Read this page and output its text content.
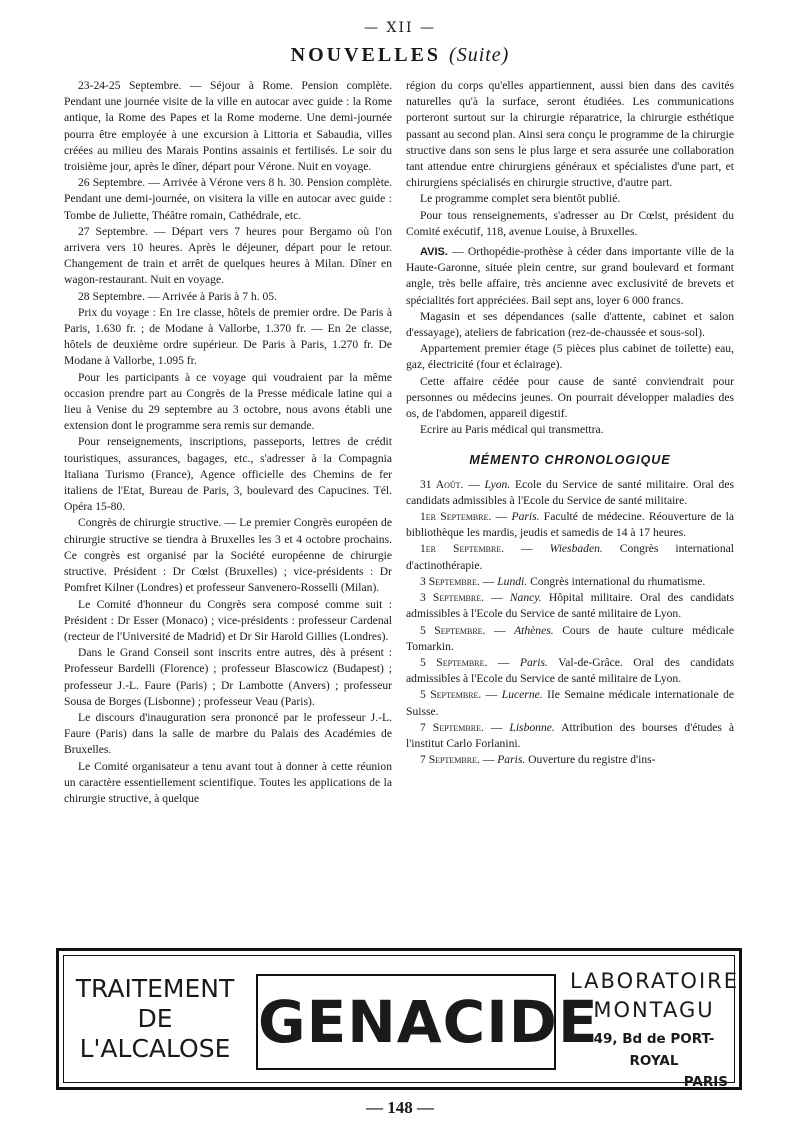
— XII —
NOUVELLES (Suite)

23-24-25 Septembre. — Séjour à Rome. Pension complète. Pendant une journée visite de la ville en autocar avec guide : la Rome antique, la Rome des Papes et la Rome moderne. Une demi-journée pourra être employée à une excursion à Littoria et Sabaudia, villes créées au milieu des Marais Pontins assainis et fertilisés. Le soir du troisième jour, après le dîner, départ pour Vérone. Nuit en voyage.

26 Septembre. — Arrivée à Vérone vers 8 h. 30. Pension complète. Pendant une demi-journée, on visitera la ville en autocar avec guide : Tombe de Juliette, Théâtre romain, Cathédrale, etc.

27 Septembre. — Départ vers 7 heures pour Bergamo où l'on arrivera vers 10 heures. Après le déjeuner, départ pour le retour. Changement de train et arrêt de quelques heures à Milan. Dîner en wagon-restaurant. Nuit en voyage.

28 Septembre. — Arrivée à Paris à 7 h. 05.

Prix du voyage : En 1re classe, hôtels de premier ordre. De Paris à Paris, 1.630 fr. ; de Modane à Vallorbe, 1.370 fr. — En 2e classe, hôtels de deuxième ordre supérieur. De Paris à Paris, 1.270 fr. De Modane à Vallorbe, 1.095 fr.

Pour les participants à ce voyage qui voudraient par la même occasion prendre part au Congrès de la Presse médicale latine qui a lieu à Venise du 29 septembre au 3 octobre, nous avons établi une extension dont le programme sera remis sur demande.

Pour renseignements, inscriptions, passeports, lettres de crédit touristiques, assurances, bagages, etc., s'adresser à la Compagnia Italiana Turismo (France), Agence officielle des Chemins de fer italiens de l'Etat, Bureau de Paris, 3, boulevard des Capucines. Tél. Opéra 15-80.

Congrès de chirurgie structive. — Le premier Congrès européen de chirurgie structive se tiendra à Bruxelles les 3 et 4 octobre prochains. Ce congrès est organisé par la Société européenne de chirurgie structive. Président : Dr Cœlst (Bruxelles) ; vice-présidents : Dr Pomfret Kilner (Londres) et professeur Sanvenero-Rosselli (Milan).

Le Comité d'honneur du Congrès sera composé comme suit : Président : Dr Esser (Monaco) ; vice-présidents : professeur Cardenal (recteur de l'Université de Madrid) et Dr Sir Harold Gillies (Londres).

Dans le Grand Conseil sont inscrits entre autres, dès à présent : Professeur Bardelli (Florence) ; professeur Blascowicz (Budapest) ; professeur J.-L. Faure (Paris) ; Dr Lambotte (Anvers) ; professeur Sousa de Borges (Lisbonne) ; professeur Veau (Paris).

Le discours d'inauguration sera prononcé par le professeur J.-L. Faure (Paris) dans la salle de marbre du Palais des Académies de Bruxelles.

Le Comité organisateur a tenu avant tout à donner à cette réunion un caractère essentiellement scientifique. Toutes les applications de la chirurgie structive, à quelque

région du corps qu'elles appartiennent, aussi bien dans des cavités naturelles qu'à la surface, seront étudiées. Les communications porteront surtout sur la chirurgie réparatrice, la chirurgie esthétique passant au second plan. Ainsi sera conçu le programme de la chirurgie structive dans son sens le plus large et sera assurée une collaboration tant attendue entre chirurgiens généraux et spécialistes d'une part, et chirurgiens spécialisés en chirurgie structive, d'autre part.

Le programme complet sera bientôt publié.

Pour tous renseignements, s'adresser au Dr Cœlst, président du Comité exécutif, 118, avenue Louise, à Bruxelles.

AVIS. — Orthopédie-prothèse à céder dans importante ville de la Haute-Garonne, située plein centre, sur grand boulevard et formant angle, très belle affaire, très ancienne avec exclusivité de brevets et spécialités fort appréciées. Bail sept ans, loyer 6 000 francs.

Magasin et ses dépendances (salle d'attente, cabinet et salon d'essayage), ateliers de fabrication (rez-de-chaussée et sous-sol).

Appartement premier étage (5 pièces plus cabinet de toilette) eau, gaz, électricité (four et éclairage).

Cette affaire cédée pour cause de santé conviendrait pour personnes ou médecins jeunes. On pourrait développer maladies des os, de l'abdomen, appareil digestif.

Ecrire au Paris médical qui transmettra.

MÉMENTO CHRONOLOGIQUE

31 Août. — Lyon. Ecole du Service de santé militaire. Oral des candidats admissibles à l'Ecole du Service de santé militaire.

1er Septembre. — Paris. Faculté de médecine. Réouverture de la bibliothèque les mardis, jeudis et samedis de 14 à 17 heures.

1er Septembre. — Wiesbaden. Congrès international d'actinothérapie.

3 Septembre. — Lundi. Congrès international du rhumatisme.

3 Septembre. — Nancy. Hôpital militaire. Oral des candidats admissibles à l'Ecole du Service de santé militaire de Lyon.

5 Septembre. — Athènes. Cours de haute culture médicale Tomarkin.

5 Septembre. — Paris. Val-de-Grâce. Oral des candidats admissibles à l'Ecole du Service de santé militaire de Lyon.

5 Septembre. — Lucerne. IIe Semaine médicale internationale de Suisse.

7 Septembre. — Lisbonne. Attribution des bourses d'études à l'institut Carlo Forlanini.

7 Septembre. — Paris. Ouverture du registre d'ins-

TRAITEMENT
DE
L'ALCALOSE GENACIDE
LABORATOIRE
MONTAGU
49, Bd de PORT-ROYAL
PARIS
— 148 —
